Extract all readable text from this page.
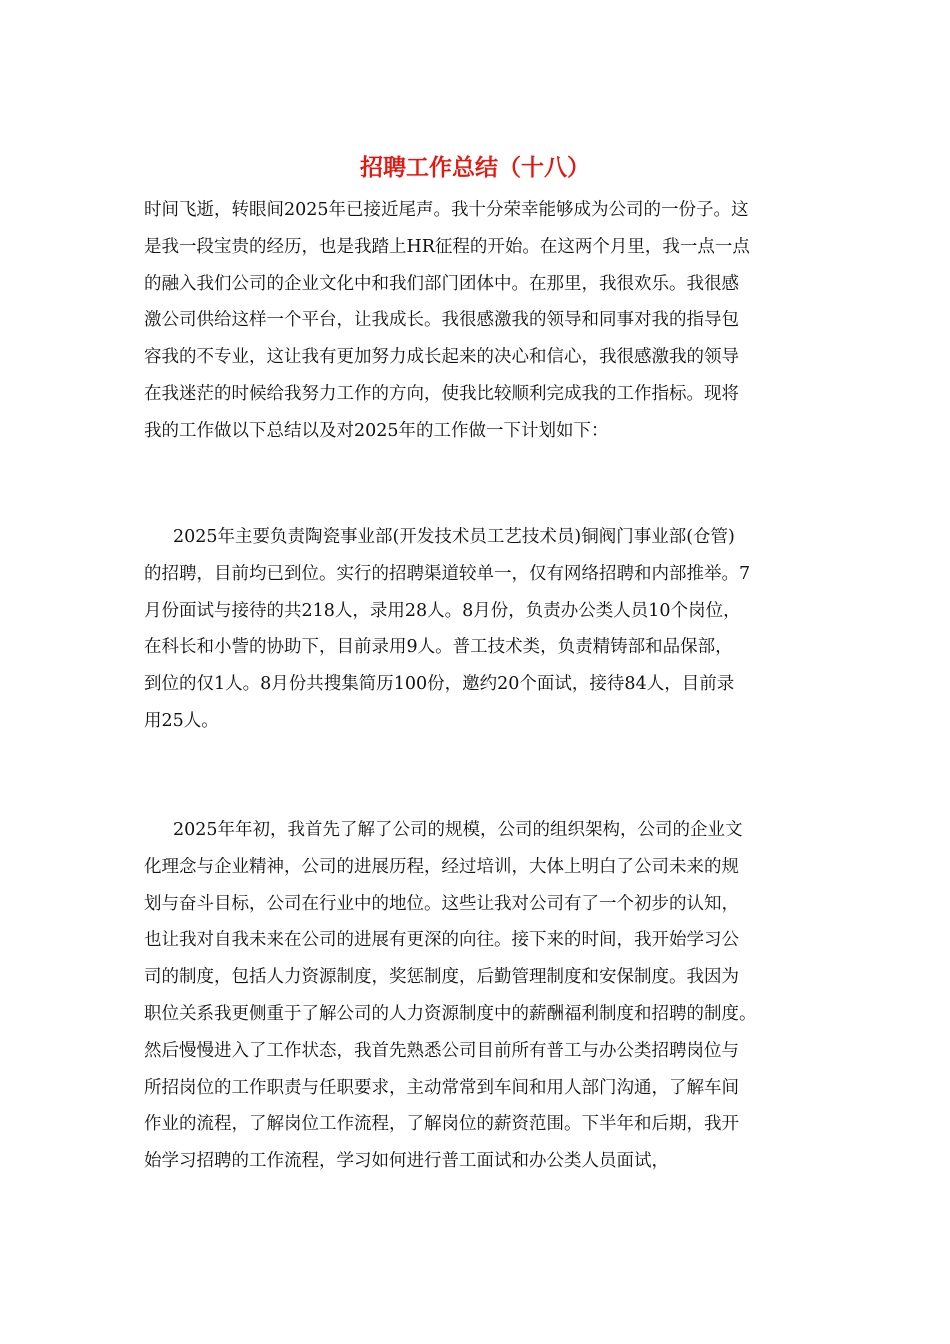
招聘工作总结（十八）
时间飞逝，转眼间2025年已接近尾声。我十分荣幸能够成为公司的一份子。这
是我一段宝贵的经历，也是我踏上HR征程的开始。在这两个月里，我一点一点
的融入我们公司的企业文化中和我们部门团体中。在那里，我很欢乐。我很感
激公司供给这样一个平台，让我成长。我很感激我的领导和同事对我的指导包
容我的不专业，这让我有更加努力成长起来的决心和信心，我很感激我的领导
在我迷茫的时候给我努力工作的方向，使我比较顺利完成我的工作指标。现将
我的工作做以下总结以及对2025年的工作做一下计划如下：
2025年主要负责陶瓷事业部(开发技术员工艺技术员)铜阀门事业部(仓管)
的招聘，目前均已到位。实行的招聘渠道较单一，仅有网络招聘和内部推举。7
月份面试与接待的共218人，录用28人。8月份，负责办公类人员10个岗位，
在科长和小訾的协助下，目前录用9人。普工技术类，负责精铸部和品保部，
到位的仅1人。8月份共搜集简历100份，邀约20个面试，接待84人，目前录
用25人。
2025年年初，我首先了解了公司的规模，公司的组织架构，公司的企业文
化理念与企业精神，公司的进展历程，经过培训，大体上明白了公司未来的规
划与奋斗目标，公司在行业中的地位。这些让我对公司有了一个初步的认知，
也让我对自我未来在公司的进展有更深的向往。接下来的时间，我开始学习公
司的制度，包括人力资源制度，奖惩制度，后勤管理制度和安保制度。我因为
职位关系我更侧重于了解公司的人力资源制度中的薪酬福利制度和招聘的制度。
然后慢慢进入了工作状态，我首先熟悉公司目前所有普工与办公类招聘岗位与
所招岗位的工作职责与任职要求，主动常常到车间和用人部门沟通，了解车间
作业的流程，了解岗位工作流程，了解岗位的薪资范围。下半年和后期，我开
始学习招聘的工作流程，学习如何进行普工面试和办公类人员面试，
